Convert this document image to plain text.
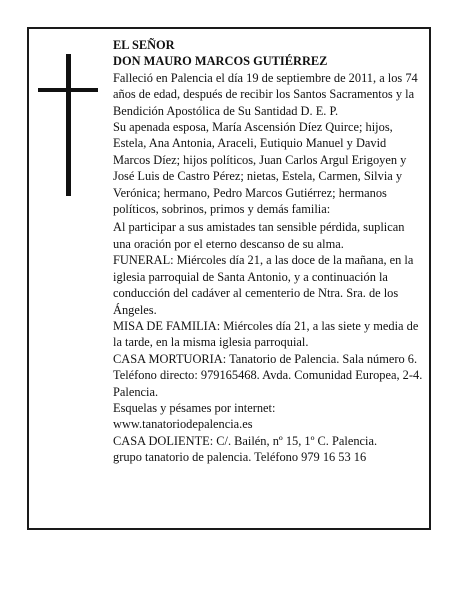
EL SEÑOR

DON MAURO MARCOS GUTIÉRREZ

Falleció en Palencia el día 19 de septiembre de 2011, a los 74 años de edad, después de recibir los Santos Sacramentos y la Bendición Apostólica de Su Santidad D. E. P.

Su apenada esposa, María Ascensión Díez Quirce; hijos, Estela, Ana Antonia, Araceli, Eutiquio Manuel y David Marcos Díez; hijos políticos, Juan Carlos Argul Erigoyen y José Luis de Castro Pérez; nietas, Estela, Carmen, Silvia y Verónica; hermano, Pedro Marcos Gutiérrez; hermanos políticos, sobrinos, primos y demás familia:

Al participar a sus amistades tan sensible pérdida, suplican una oración por el eterno descanso de su alma.

FUNERAL: Miércoles día 21, a las doce de la mañana, en la iglesia parroquial de Santa Antonio, y a continuación la conducción del cadáver al cementerio de Ntra. Sra. de los Ángeles.

MISA DE FAMILIA: Miércoles día 21, a las siete y media de la tarde, en la misma iglesia parroquial.

CASA MORTUORIA: Tanatorio de Palencia. Sala número 6. Teléfono directo: 979165468. Avda. Comunidad Europea, 2-4. Palencia.

Esquelas y pésames por internet:

www.tanatoriodepalencia.es

CASA DOLIENTE: C/. Bailén, nº 15, 1º C. Palencia.

grupo tanatorio de palencia. Teléfono 979 16 53 16
